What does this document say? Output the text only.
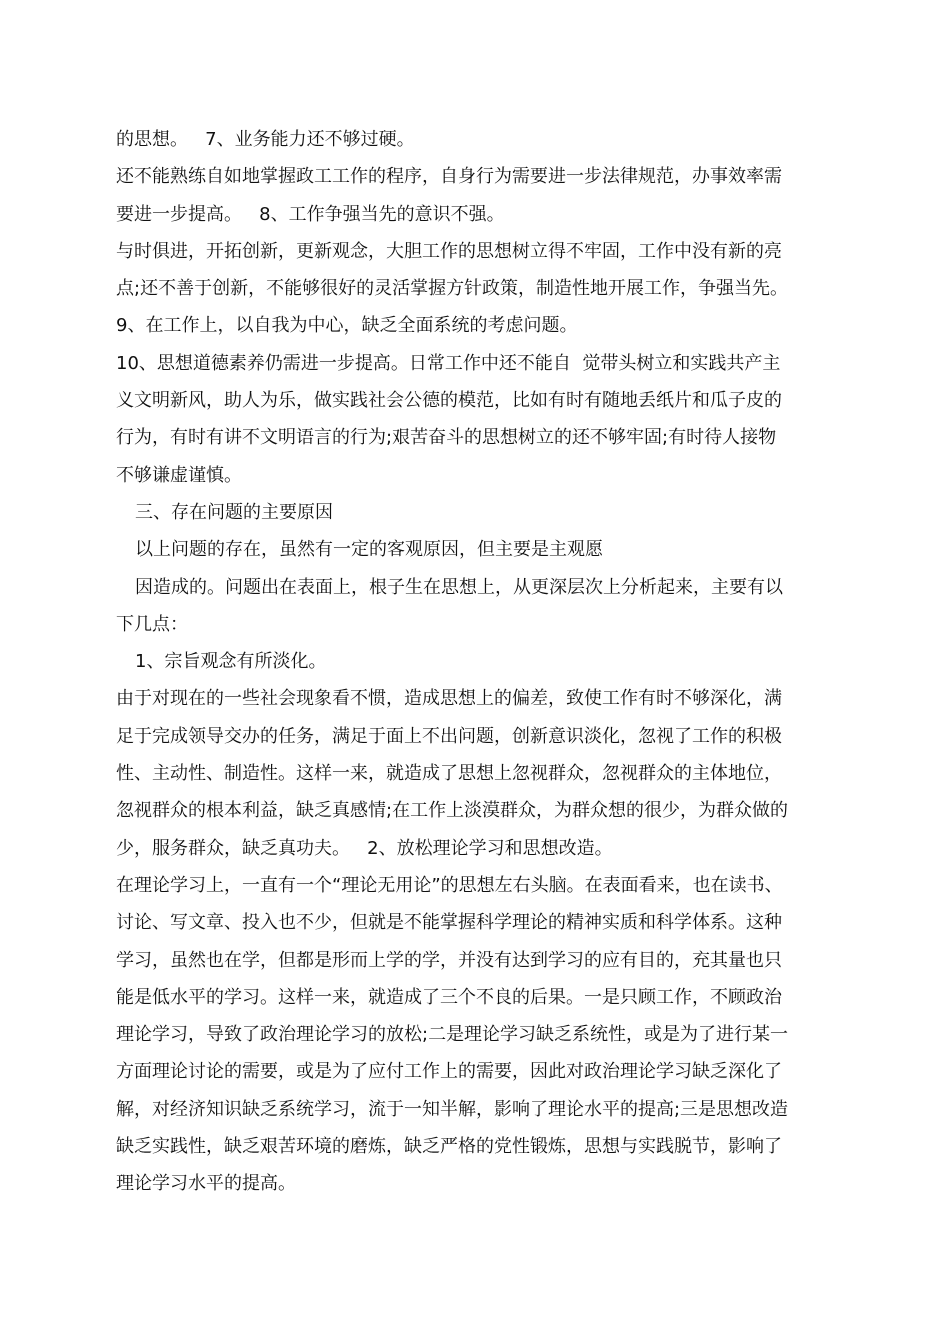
的思想。   7、业务能力还不够过硬。
还不能熟练自如地掌握政工工作的程序，自身行为需要进一步法律规范，办事效率需
要进一步提高。   8、工作争强当先的意识不强。
与时俱进，开拓创新，更新观念，大胆工作的思想树立得不牢固，工作中没有新的亮
点;还不善于创新，不能够很好的灵活掌握方针政策，制造性地开展工作，争强当先。
9、在工作上，以自我为中心，缺乏全面系统的考虑问题。
10、思想道德素养仍需进一步提高。日常工作中还不能自  觉带头树立和实践共产主
义文明新风，助人为乐，做实践社会公德的模范，比如有时有随地丢纸片和瓜子皮的
行为，有时有讲不文明语言的行为;艰苦奋斗的思想树立的还不够牢固;有时待人接物
不够谦虚谨慎。
三、存在问题的主要原因
以上问题的存在，虽然有一定的客观原因，但主要是主观愿
因造成的。问题出在表面上，根子生在思想上，从更深层次上分析起来，主要有以
下几点：
1、宗旨观念有所淡化。
由于对现在的一些社会现象看不惯，造成思想上的偏差，致使工作有时不够深化，满
足于完成领导交办的任务，满足于面上不出问题，创新意识淡化，忽视了工作的积极
性、主动性、制造性。这样一来，就造成了思想上忽视群众，忽视群众的主体地位，
忽视群众的根本利益，缺乏真感情;在工作上淡漠群众，为群众想的很少，为群众做的
少，服务群众，缺乏真功夫。   2、放松理论学习和思想改造。
在理论学习上，一直有一个“理论无用论”的思想左右头脑。在表面看来，也在读书、
讨论、写文章、投入也不少，但就是不能掌握科学理论的精神实质和科学体系。这种
学习，虽然也在学，但都是形而上学的学，并没有达到学习的应有目的，充其量也只
能是低水平的学习。这样一来，就造成了三个不良的后果。一是只顾工作，不顾政治
理论学习，导致了政治理论学习的放松;二是理论学习缺乏系统性，或是为了进行某一
方面理论讨论的需要，或是为了应付工作上的需要，因此对政治理论学习缺乏深化了
解，对经济知识缺乏系统学习，流于一知半解，影响了理论水平的提高;三是思想改造
缺乏实践性，缺乏艰苦环境的磨炼，缺乏严格的党性锻炼，思想与实践脱节，影响了
理论学习水平的提高。
